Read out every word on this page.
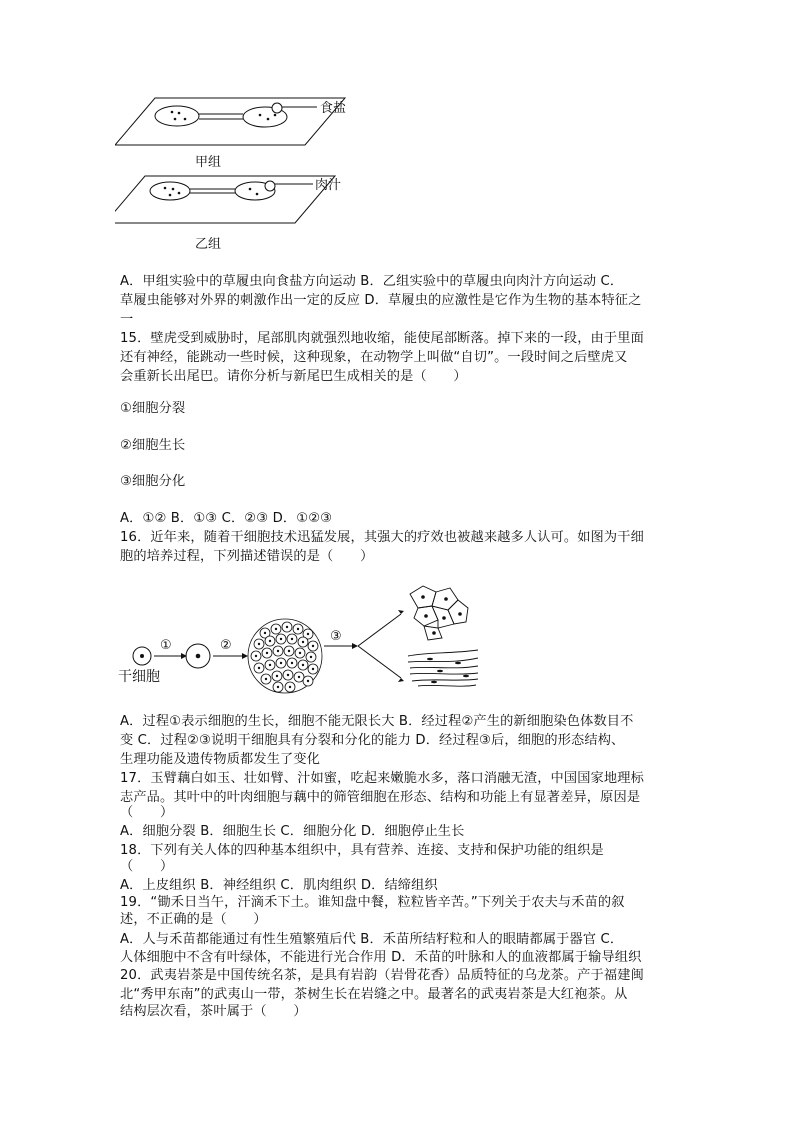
食盐
甲组
肉汁
乙组
A．甲组实验中的草履虫向食盐方向运动 B．乙组实验中的草履虫向肉汁方向运动 C．
草履虫能够对外界的刺激作出一定的反应 D．草履虫的应激性是它作为生物的基本特征之
一
15．壁虎受到威胁时，尾部肌肉就强烈地收缩，能使尾部断落。掉下来的一段，由于里面
还有神经，能跳动一些时候，这种现象，在动物学上叫做“自切”。一段时间之后壁虎又
会重新长出尾巴。请你分析与新尾巴生成相关的是（　　）
①细胞分裂
②细胞生长
③细胞分化
A．①② B．①③ C．②③ D．①②③
16．近年来，随着干细胞技术迅猛发展，其强大的疗效也被越来越多人认可。如图为干细
胞的培养过程，下列描述错误的是（　　）
①	②
③
干细胞
A．过程①表示细胞的生长，细胞不能无限长大 B．经过程②产生的新细胞染色体数目不
变 C．过程②③说明干细胞具有分裂和分化的能力 D．经过程③后，细胞的形态结构、
生理功能及遗传物质都发生了变化
17．玉臂藕白如玉、壮如臂、汁如蜜，吃起来嫩脆水多，落口消融无渣，中国国家地理标
志产品。其叶中的叶肉细胞与藕中的筛管细胞在形态、结构和功能上有显著差异，原因是
（　　）
A．细胞分裂 B．细胞生长 C．细胞分化 D．细胞停止生长
18．下列有关人体的四种基本组织中，具有营养、连接、支持和保护功能的组织是
（　　）
A．上皮组织 B．神经组织 C．肌肉组织 D．结缔组织
19．“锄禾日当午，汗滴禾下土。谁知盘中餐，粒粒皆辛苦。”下列关于农夫与禾苗的叙
述，不正确的是（　　）
A．人与禾苗都能通过有性生殖繁殖后代 B．禾苗所结籽粒和人的眼睛都属于器官 C．
人体细胞中不含有叶绿体，不能进行光合作用 D．禾苗的叶脉和人的血液都属于输导组织
20．武夷岩茶是中国传统名茶，是具有岩韵（岩骨花香）品质特征的乌龙茶。产于福建闽
北“秀甲东南”的武夷山一带，茶树生长在岩缝之中。最著名的武夷岩茶是大红袍茶。从
结构层次看，茶叶属于（　　）
